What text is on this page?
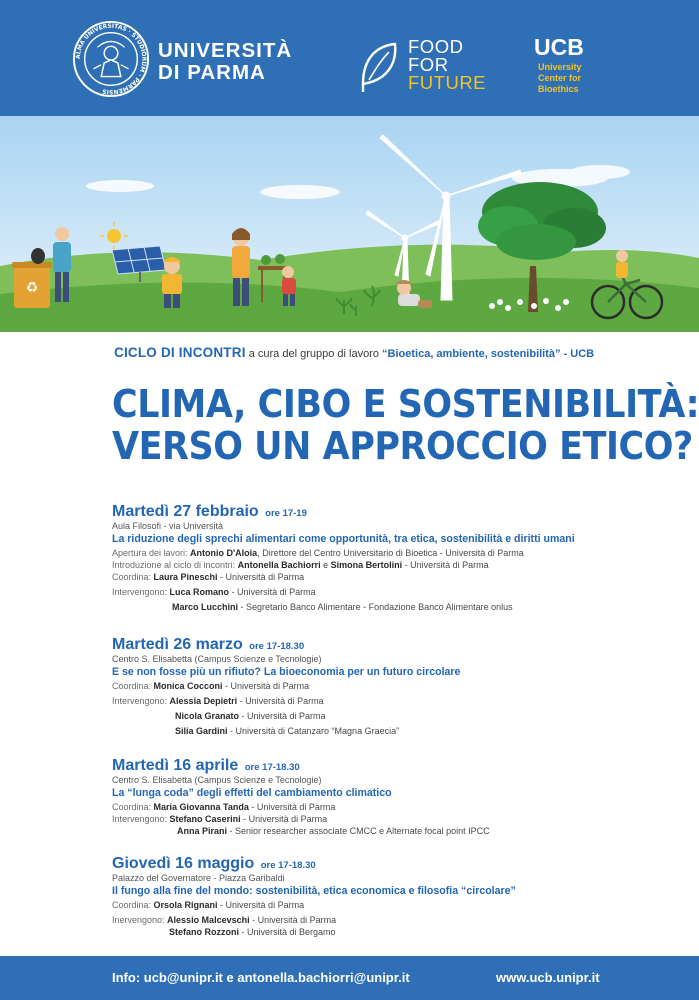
ALMA UNIVERSITAS · STUDIORUM · PARMENSIS
UNIVERSITÀ
DI PARMA
FOOD
FOR
FUTURE
UCB
University
Center for
Bioethics
♻
CICLO DI INCONTRI a cura del gruppo di lavoro “Bioetica, ambiente, sostenibilità” - UCB
CLIMA, CIBO E SOSTENIBILITÀ:
VERSO UN APPROCCIO ETICO?
Martedì 27 febbraio ore 17-19
Aula Filosofi - via Università
La riduzione degli sprechi alimentari come opportunità, tra etica, sostenibilità e diritti umani
Apertura dei lavori: Antonio D'Aloia, Direttore del Centro Universitario di Bioetica - Università di Parma
Introduzione al ciclo di incontri: Antonella Bachiorri e Simona Bertolini - Università di Parma
Coordina: Laura Pineschi - Università di Parma
Intervengono: Luca Romano - Università di Parma
Marco Lucchini - Segretario Banco Alimentare - Fondazione Banco Alimentare onlus
Martedì 26 marzo ore 17-18.30
Centro S. Elisabetta (Campus Scienze e Tecnologie)
E se non fosse più un rifiuto? La bioeconomia per un futuro circolare
Coordina: Monica Cocconi - Università di Parma
Intervengono: Alessia Depietri - Università di Parma
Nicola Granato - Università di Parma
Silia Gardini - Università di Catanzaro “Magna Graecia”
Martedì 16 aprile ore 17-18.30
Centro S. Elisabetta (Campus Scienze e Tecnologie)
La “lunga coda” degli effetti del cambiamento climatico
Coordina: Maria Giovanna Tanda - Università di Parma
Intervengono: Stefano Caserini - Università di Parma
Anna Pirani - Senior researcher associate CMCC e Alternate focal point IPCC
Giovedì 16 maggio ore 17-18.30
Palazzo del Governatore - Piazza Garibaldi
Il fungo alla fine del mondo: sostenibilità, etica economica e filosofia “circolare”
Coordina: Orsola Rignani - Università di Parma
Inervengono: Alessio Malcevschi - Università di Parma
Stefano Rozzoni - Università di Bergamo
Info: ucb@unipr.it e antonella.bachiorri@unipr.it	www.ucb.unipr.it
